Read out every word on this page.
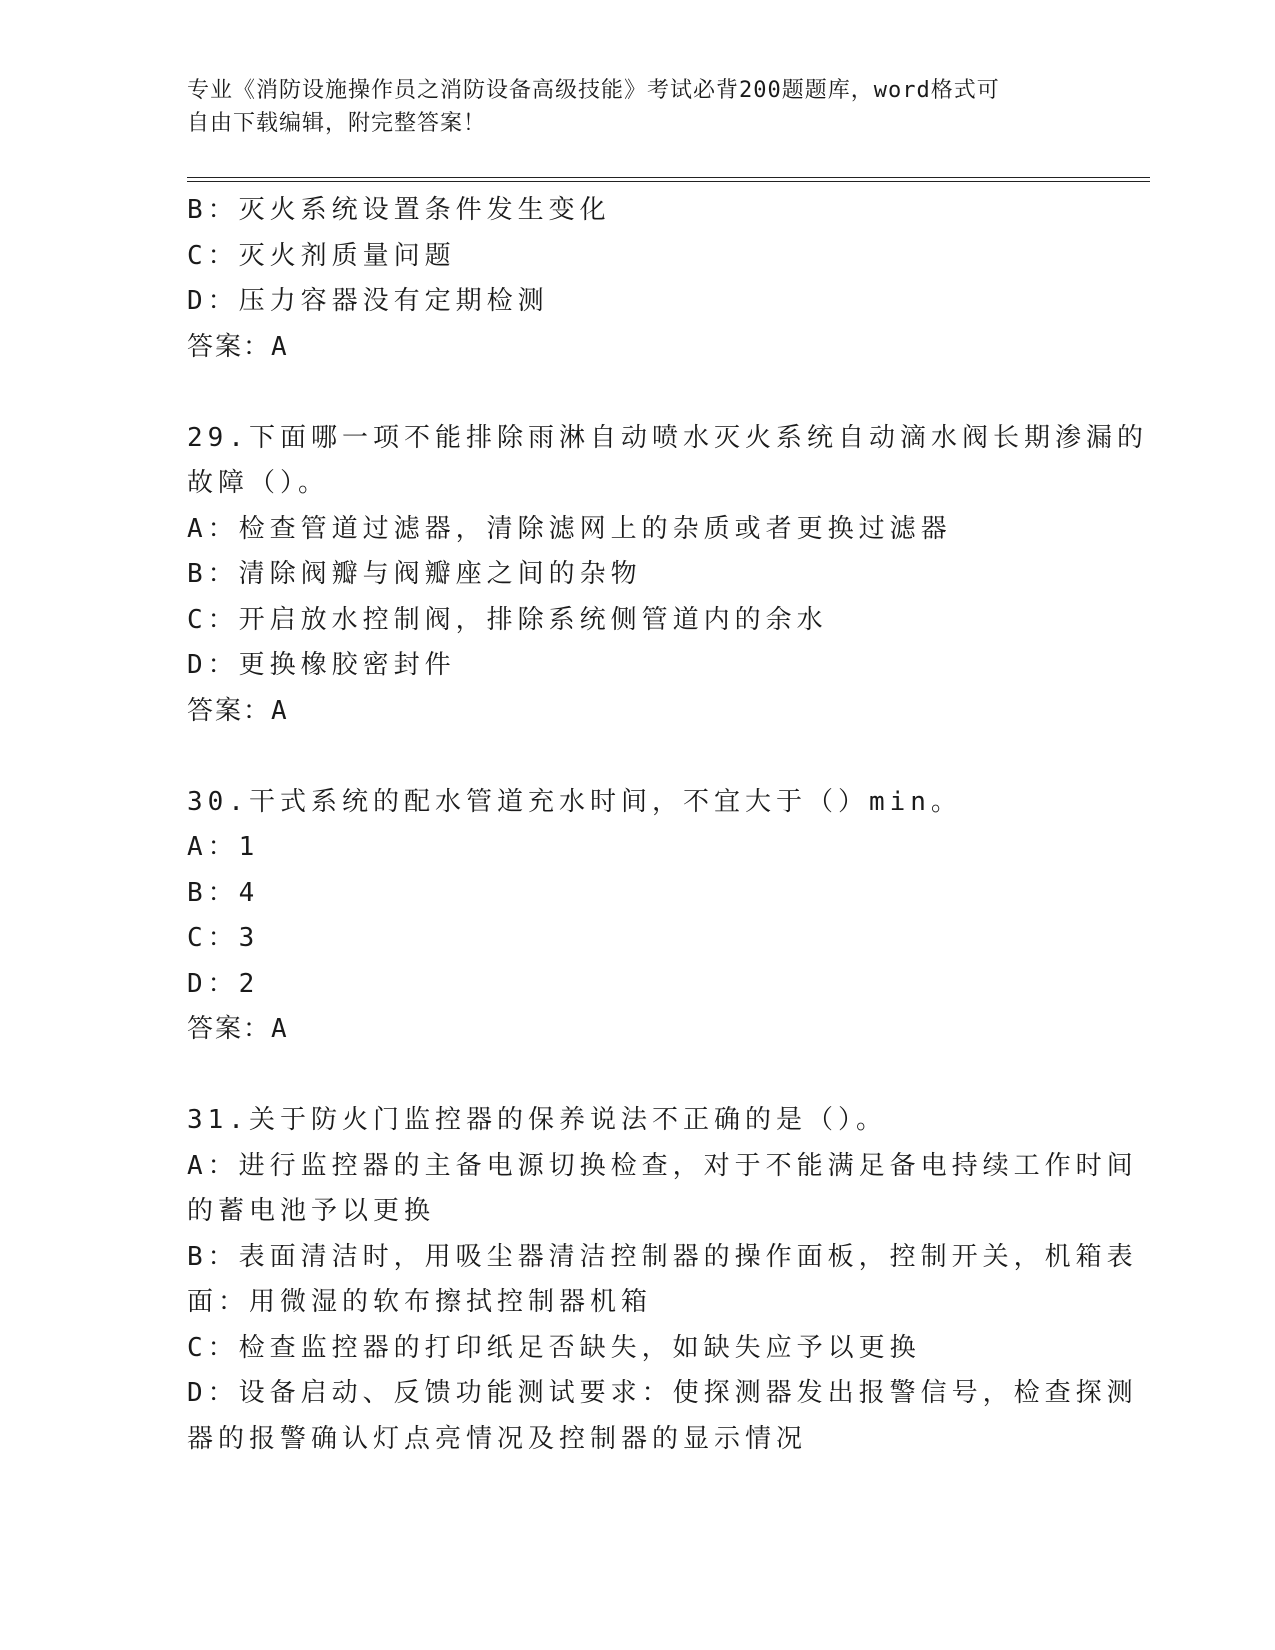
专业《消防设施操作员之消防设备高级技能》考试必背200题题库，word格式可
自由下载编辑，附完整答案！
B：灭火系统设置条件发生变化
C：灭火剂质量问题
D：压力容器没有定期检测
答案：A
29.下面哪一项不能排除雨淋自动喷水灭火系统自动滴水阀长期渗漏的
故障（）。
A：检查管道过滤器，清除滤网上的杂质或者更换过滤器
B：清除阀瓣与阀瓣座之间的杂物
C：开启放水控制阀，排除系统侧管道内的余水
D：更换橡胶密封件
答案：A
30.干式系统的配水管道充水时间，不宜大于（）min。
A：1
B：4
C：3
D：2
答案：A
31.关于防火门监控器的保养说法不正确的是（）。
A：进行监控器的主备电源切换检查，对于不能满足备电持续工作时间
的蓄电池予以更换
B：表面清洁时，用吸尘器清洁控制器的操作面板，控制开关，机箱表
面：用微湿的软布擦拭控制器机箱
C：检查监控器的打印纸足否缺失，如缺失应予以更换
D：设备启动、反馈功能测试要求：使探测器发出报警信号，检查探测
器的报警确认灯点亮情况及控制器的显示情况
